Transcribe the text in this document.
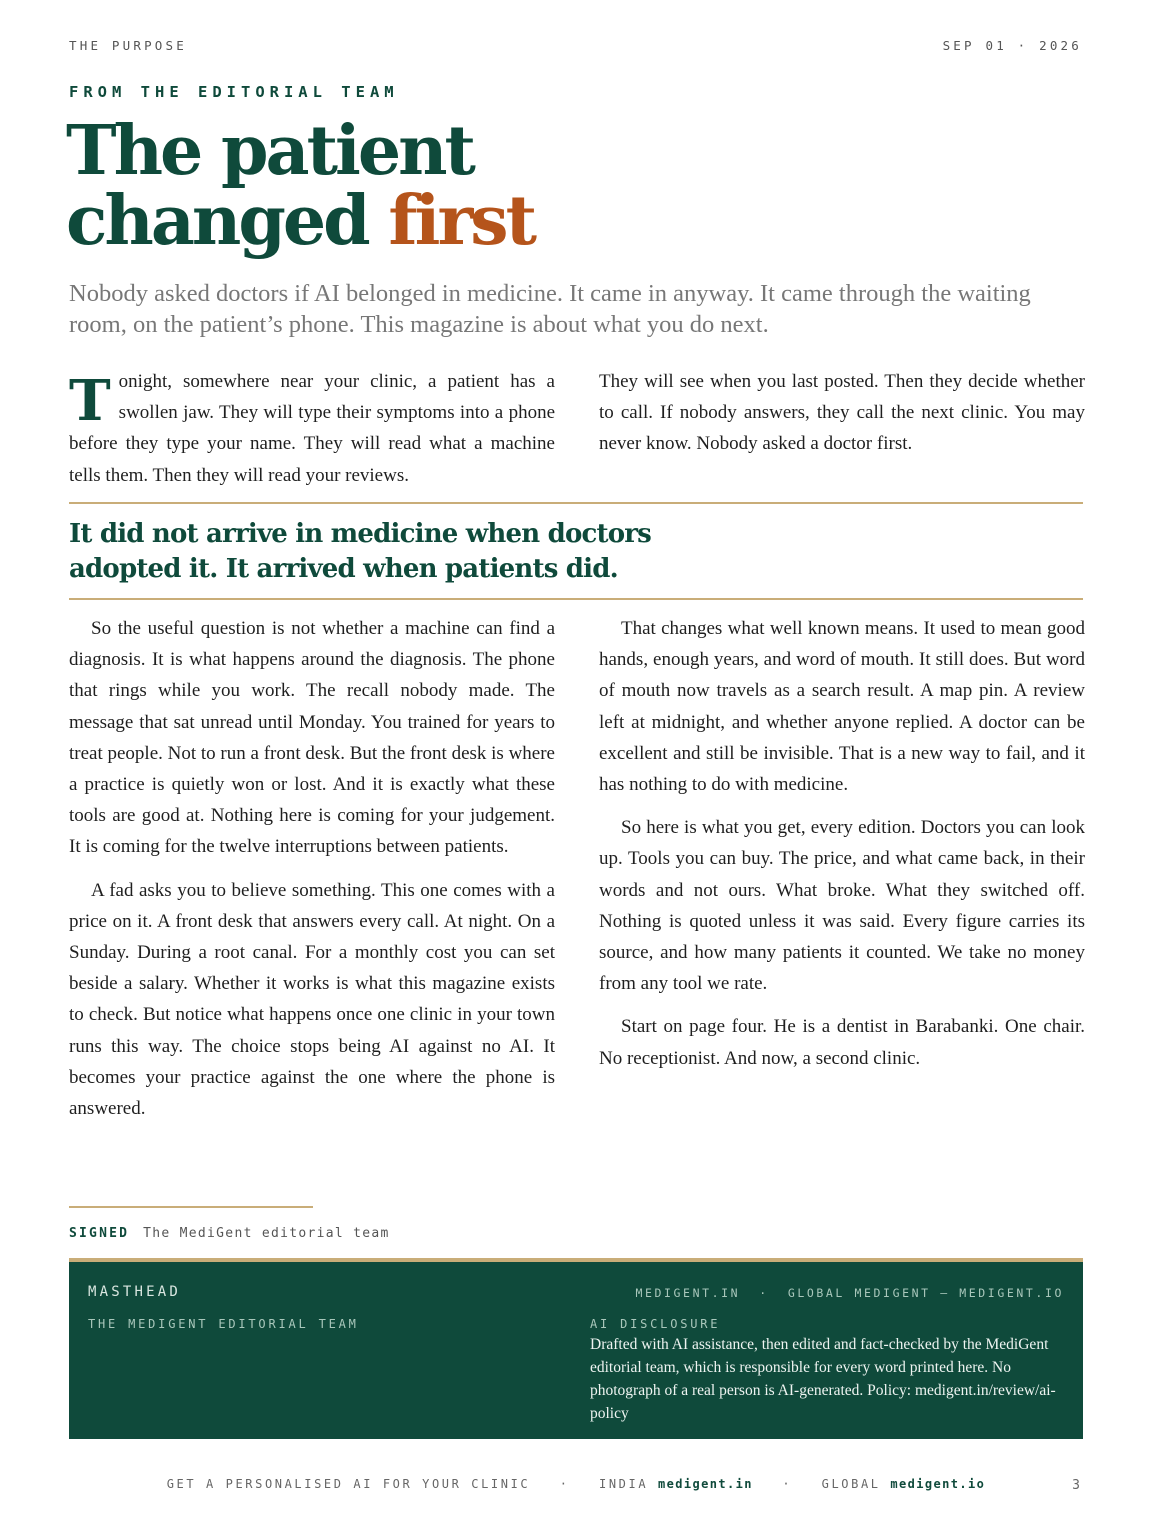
THE PURPOSE	SEP 01 · 2026
FROM THE EDITORIAL TEAM
The patient
changed first

Nobody asked doctors if AI belonged in medicine. It came in anyway. It came through the waiting room, on the patient’s phone. This magazine is about what you do next.

Tonight, somewhere near your clinic, a patient has a swollen jaw. They will type their symptoms into a phone before they type your name. They will read what a machine tells them. Then they will read your reviews.

They will see when you last posted. Then they decide whether to call. If nobody answers, they call the next clinic. You may never know. Nobody asked a doctor first.

It did not arrive in medicine when doctors adopted it. It arrived when patients did.

So the useful question is not whether a machine can find a diagnosis. It is what happens around the diagnosis. The phone that rings while you work. The recall nobody made. The message that sat unread until Monday. You trained for years to treat people. Not to run a front desk. But the front desk is where a practice is quietly won or lost. And it is exactly what these tools are good at. Nothing here is coming for your judgement. It is coming for the twelve interruptions between patients.

A fad asks you to believe something. This one comes with a price on it. A front desk that answers every call. At night. On a Sunday. During a root canal. For a monthly cost you can set beside a salary. Whether it works is what this magazine exists to check. But notice what happens once one clinic in your town runs this way. The choice stops being AI against no AI. It becomes your practice against the one where the phone is answered.

That changes what well known means. It used to mean good hands, enough years, and word of mouth. It still does. But word of mouth now travels as a search result. A map pin. A review left at midnight, and whether anyone replied. A doctor can be excellent and still be invisible. That is a new way to fail, and it has nothing to do with medicine.

So here is what you get, every edition. Doctors you can look up. Tools you can buy. The price, and what came back, in their words and not ours. What broke. What they switched off. Nothing is quoted unless it was said. Every figure carries its source, and how many patients it counted. We take no money from any tool we rate.

Start on page four. He is a dentist in Barabanki. One chair. No receptionist. And now, a second clinic.

SIGNED The MediGent editorial team
MASTHEAD
THE MEDIGENT EDITORIAL TEAM
MEDIGENT.IN  ·  GLOBAL MEDIGENT — MEDIGENT.IO
AI DISCLOSURE

Drafted with AI assistance, then edited and fact-checked by the MediGent editorial team, which is responsible for every word printed here. No photograph of a real person is AI-generated. Policy: medigent.in/review/ai-policy

GET A PERSONALISED AI FOR YOUR CLINIC · INDIA medigent.in · GLOBAL medigent.io	3
